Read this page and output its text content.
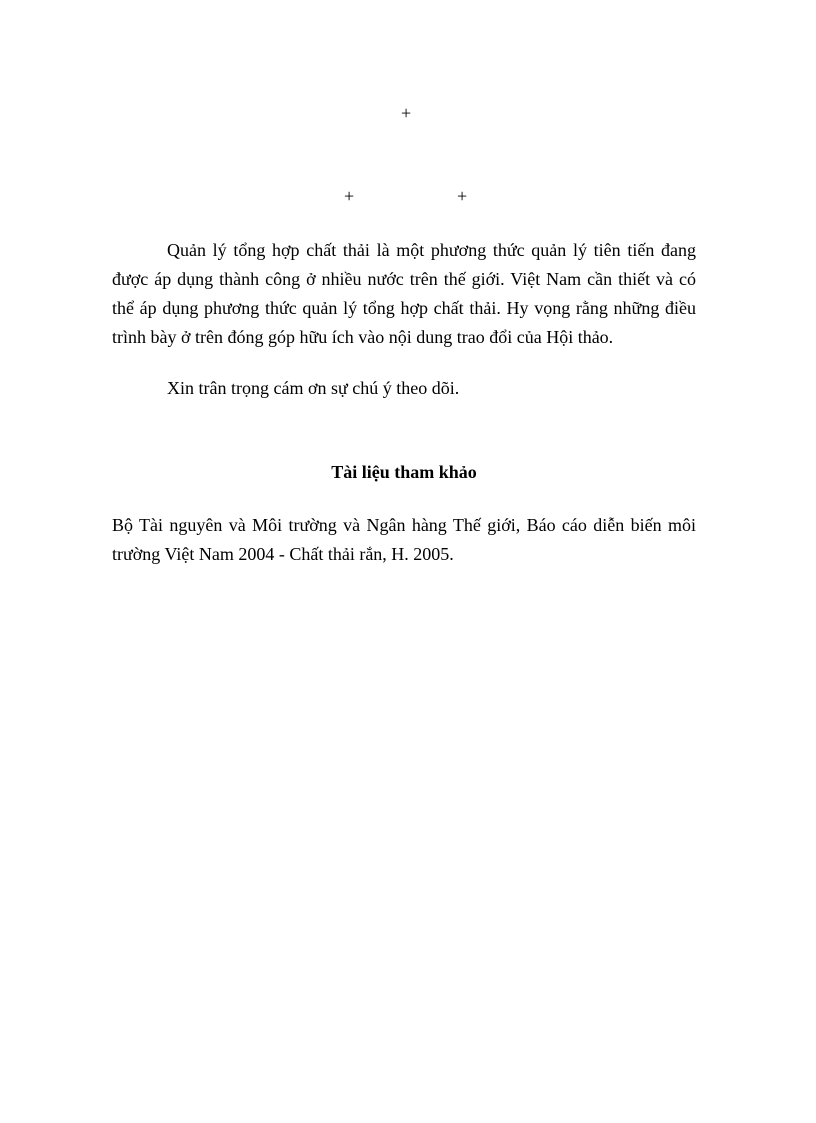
+
+	+

Quản lý tổng hợp chất thải là một phương thức quản lý tiên tiến đang được áp dụng thành công ở nhiều nước trên thế giới. Việt Nam cần thiết và có thể áp dụng phương thức quản lý tổng hợp chất thải. Hy vọng rằng những điều trình bày ở trên đóng góp hữu ích vào nội dung trao đổi của Hội thảo.

Xin trân trọng cám ơn sự chú ý theo dõi.

Tài liệu tham khảo

Bộ Tài nguyên và Môi trường và Ngân hàng Thế giới, Báo cáo diễn biến môi trường Việt Nam 2004 - Chất thải rắn, H. 2005.
